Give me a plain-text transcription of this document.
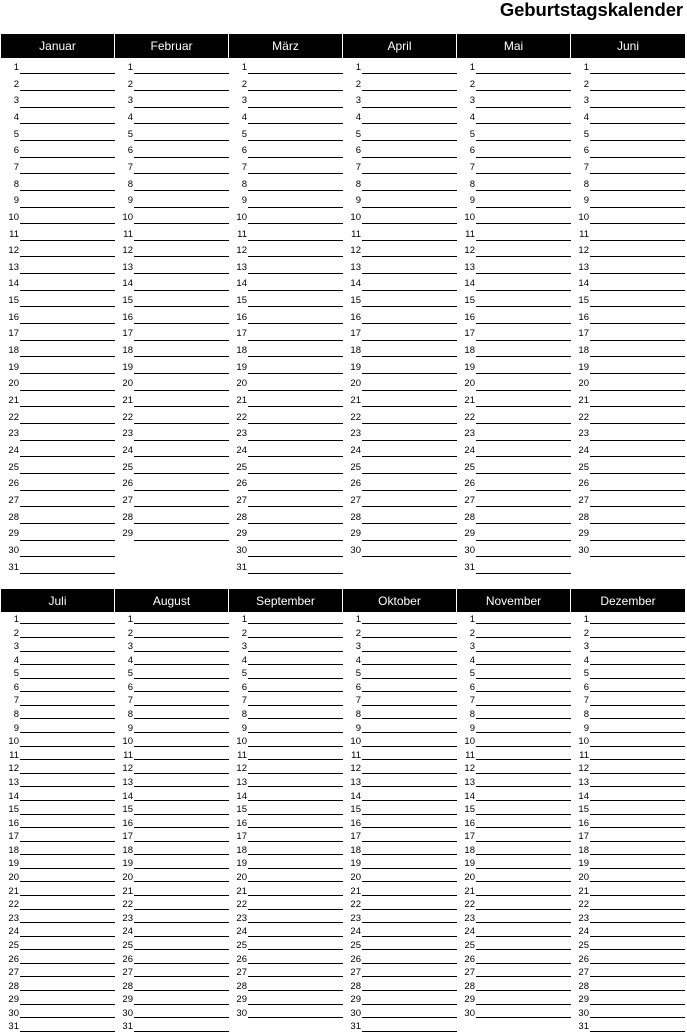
Geburtstagskalender
Januar
1
2
3
4
5
6
7
8
9
10
11
12
13
14
15
16
17
18
19
20
21
22
23
24
25
26
27
28
29
30
31
Februar
1
2
3
4
5
6
7
8
9
10
11
12
13
14
15
16
17
18
19
20
21
22
23
24
25
26
27
28
29
März
1
2
3
4
5
6
7
8
9
10
11
12
13
14
15
16
17
18
19
20
21
22
23
24
25
26
27
28
29
30
31
April
1
2
3
4
5
6
7
8
9
10
11
12
13
14
15
16
17
18
19
20
21
22
23
24
25
26
27
28
29
30
Mai
1
2
3
4
5
6
7
8
9
10
11
12
13
14
15
16
17
18
19
20
21
22
23
24
25
26
27
28
29
30
31
Juni
1
2
3
4
5
6
7
8
9
10
11
12
13
14
15
16
17
18
19
20
21
22
23
24
25
26
27
28
29
30
Juli
1
2
3
4
5
6
7
8
9
10
11
12
13
14
15
16
17
18
19
20
21
22
23
24
25
26
27
28
29
30
31
August
1
2
3
4
5
6
7
8
9
10
11
12
13
14
15
16
17
18
19
20
21
22
23
24
25
26
27
28
29
30
31
September
1
2
3
4
5
6
7
8
9
10
11
12
13
14
15
16
17
18
19
20
21
22
23
24
25
26
27
28
29
30
Oktober
1
2
3
4
5
6
7
8
9
10
11
12
13
14
15
16
17
18
19
20
21
22
23
24
25
26
27
28
29
30
31
November
1
2
3
4
5
6
7
8
9
10
11
12
13
14
15
16
17
18
19
20
21
22
23
24
25
26
27
28
29
30
Dezember
1
2
3
4
5
6
7
8
9
10
11
12
13
14
15
16
17
18
19
20
21
22
23
24
25
26
27
28
29
30
31
